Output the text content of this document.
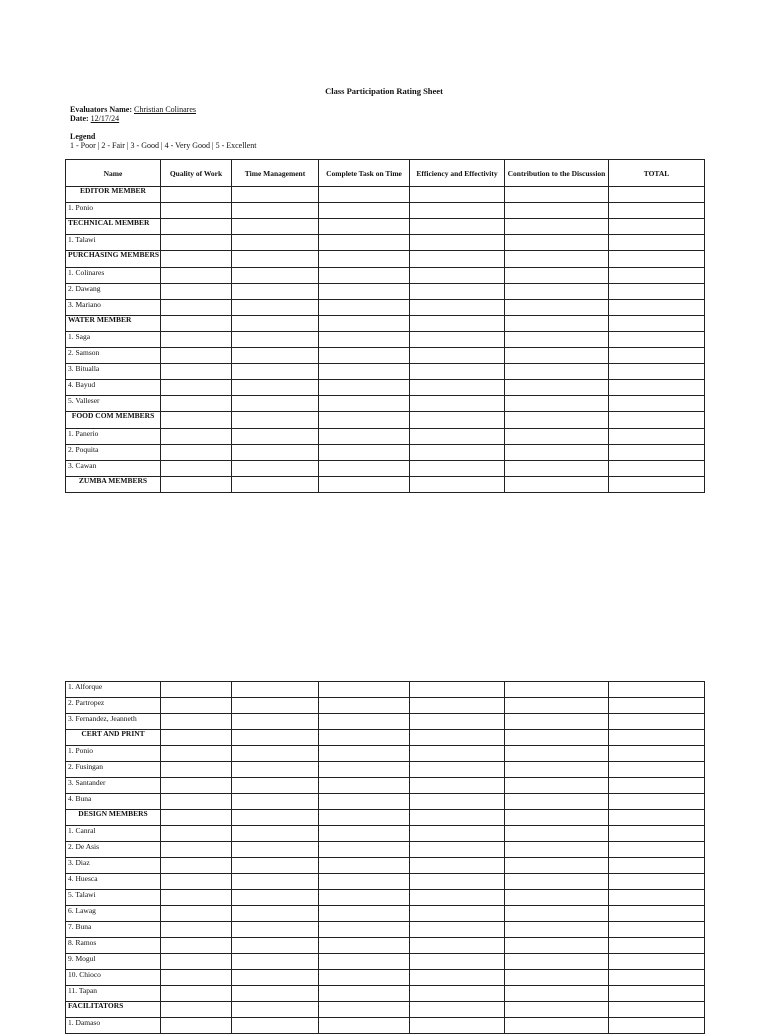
Class Participation Rating Sheet
Evaluators Name: Christian Colinares
Date: 12/17/24
Legend
1 - Poor | 2 - Fair | 3 - Good | 4 - Very Good | 5 - Excellent
Name	Quality of Work	Time Management	Complete Task on Time	Efficiency and Effectivity	Contribution to the Discussion	TOTAL
EDITOR MEMBER						
1. Ponio						
TECHNICAL MEMBER						
1. Talawi						
PURCHASING MEMBERS						
1. Colinares						
2. Dawang						
3. Mariano						
WATER MEMBER						
1. Saga						
2. Samson						
3. Bitualla						
4. Bayud						
5. Valleser						
FOOD COM MEMBERS						
1. Panerio						
2. Poquita						
3. Cawan						
ZUMBA MEMBERS						
1. Alforque						
2. Partropez						
3. Fernandez, Jeanneth						
CERT AND PRINT						
1. Ponio						
2. Fusingan						
3. Santander						
4. Buna						
DESIGN MEMBERS						
1. Canral						
2. De Asis						
3. Diaz						
4. Huesca						
5. Talawi						
6. Lawag						
7. Buna						
8. Ramos						
9. Mogul						
10. Chioco						
11. Tapan						
FACILITATORS						
1. Damaso						
